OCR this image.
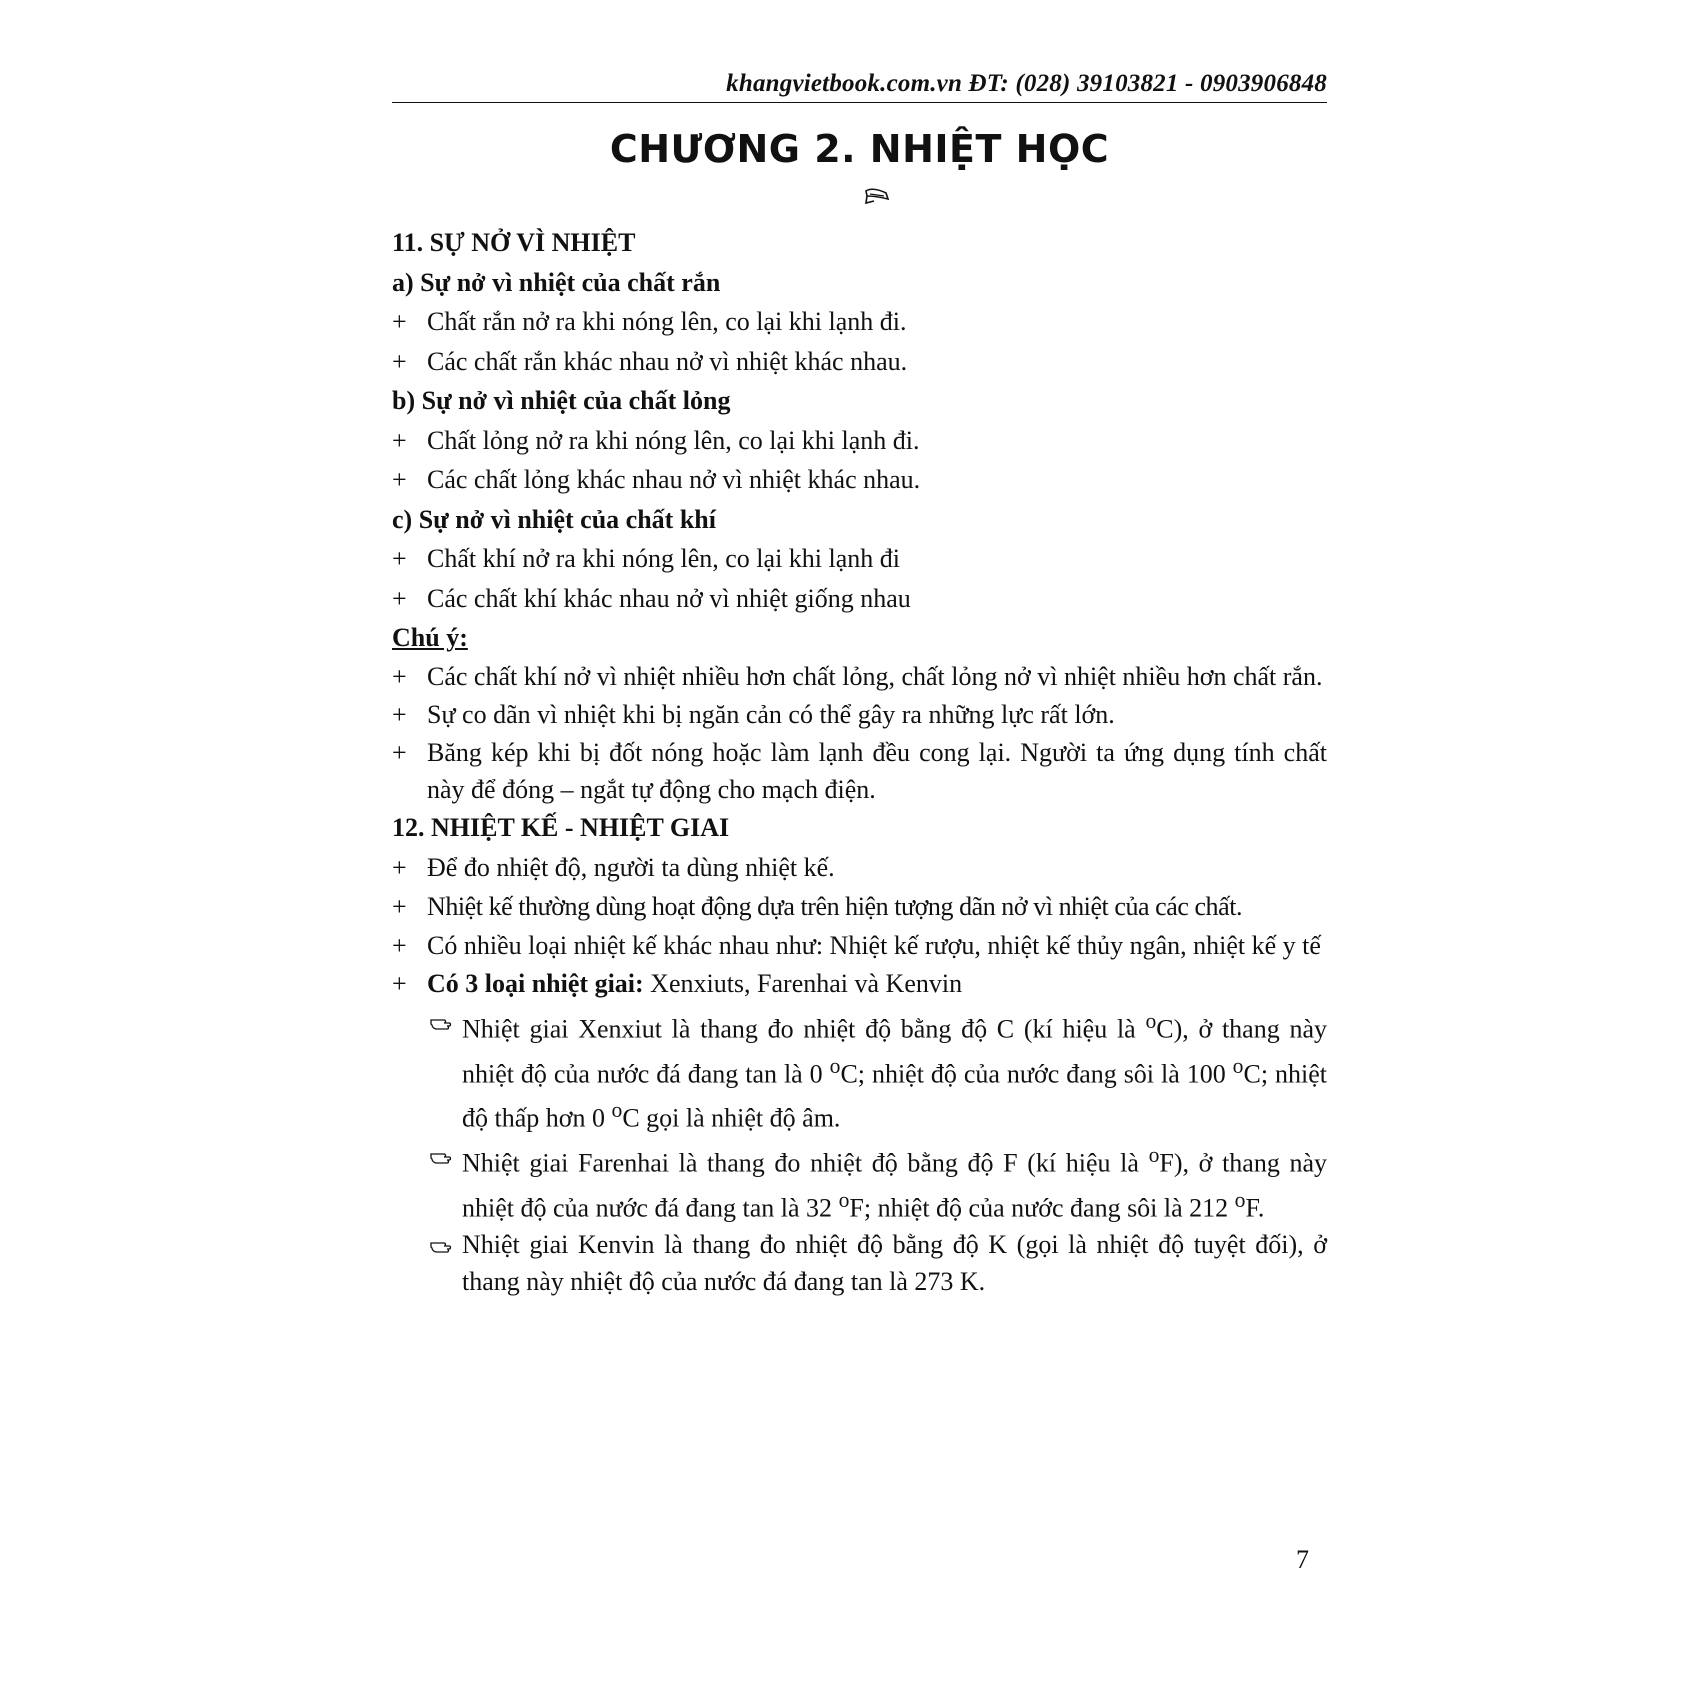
khangvietbook.com.vn ĐT: (028) 39103821 - 0903906848
CHƯƠNG 2. NHIỆT HỌC

11. SỰ NỞ VÌ NHIỆT

a) Sự nở vì nhiệt của chất rắn

+
Chất rắn nở ra khi nóng lên, co lại khi lạnh đi.

+
Các chất rắn khác nhau nở vì nhiệt khác nhau.

b) Sự nở vì nhiệt của chất lỏng

+
Chất lỏng nở ra khi nóng lên, co lại khi lạnh đi.

+
Các chất lỏng khác nhau nở vì nhiệt khác nhau.

c) Sự nở vì nhiệt của chất khí

+
Chất khí nở ra khi nóng lên, co lại khi lạnh đi

+
Các chất khí khác nhau nở vì nhiệt giống nhau

Chú ý:

+
Các chất khí nở vì nhiệt nhiều hơn chất lỏng, chất lỏng nở vì nhiệt nhiều hơn chất rắn.

+
Sự co dãn vì nhiệt khi bị ngăn cản có thể gây ra những lực rất lớn.

+
Băng kép khi bị đốt nóng hoặc làm lạnh đều cong lại. Người ta ứng dụng tính chất này để đóng – ngắt tự động cho mạch điện.

12. NHIỆT KẾ - NHIỆT GIAI

+
Để đo nhiệt độ, người ta dùng nhiệt kế.

+
Nhiệt kế thường dùng hoạt động dựa trên hiện tượng dãn nở vì nhiệt của các chất.

+
Có nhiều loại nhiệt kế khác nhau như: Nhiệt kế rượu, nhiệt kế thủy ngân, nhiệt kế y tế

+
Có 3 loại nhiệt giai: Xenxiuts, Farenhai và Kenvin

Nhiệt giai Xenxiut là thang đo nhiệt độ bằng độ C (kí hiệu là $^o$C), ở thang này nhiệt độ của nước đá đang tan là 0 $^o$C; nhiệt độ của nước đang sôi là 100 $^o$C; nhiệt độ thấp hơn 0 $^o$C gọi là nhiệt độ âm.

Nhiệt giai Farenhai là thang đo nhiệt độ bằng độ F (kí hiệu là $^o$F), ở thang này nhiệt độ của nước đá đang tan là 32 $^o$F; nhiệt độ của nước đang sôi là 212 $^o$F.

Nhiệt giai Kenvin là thang đo nhiệt độ bằng độ K (gọi là nhiệt độ tuyệt đối), ở thang này nhiệt độ của nước đá đang tan là 273 K.

7
